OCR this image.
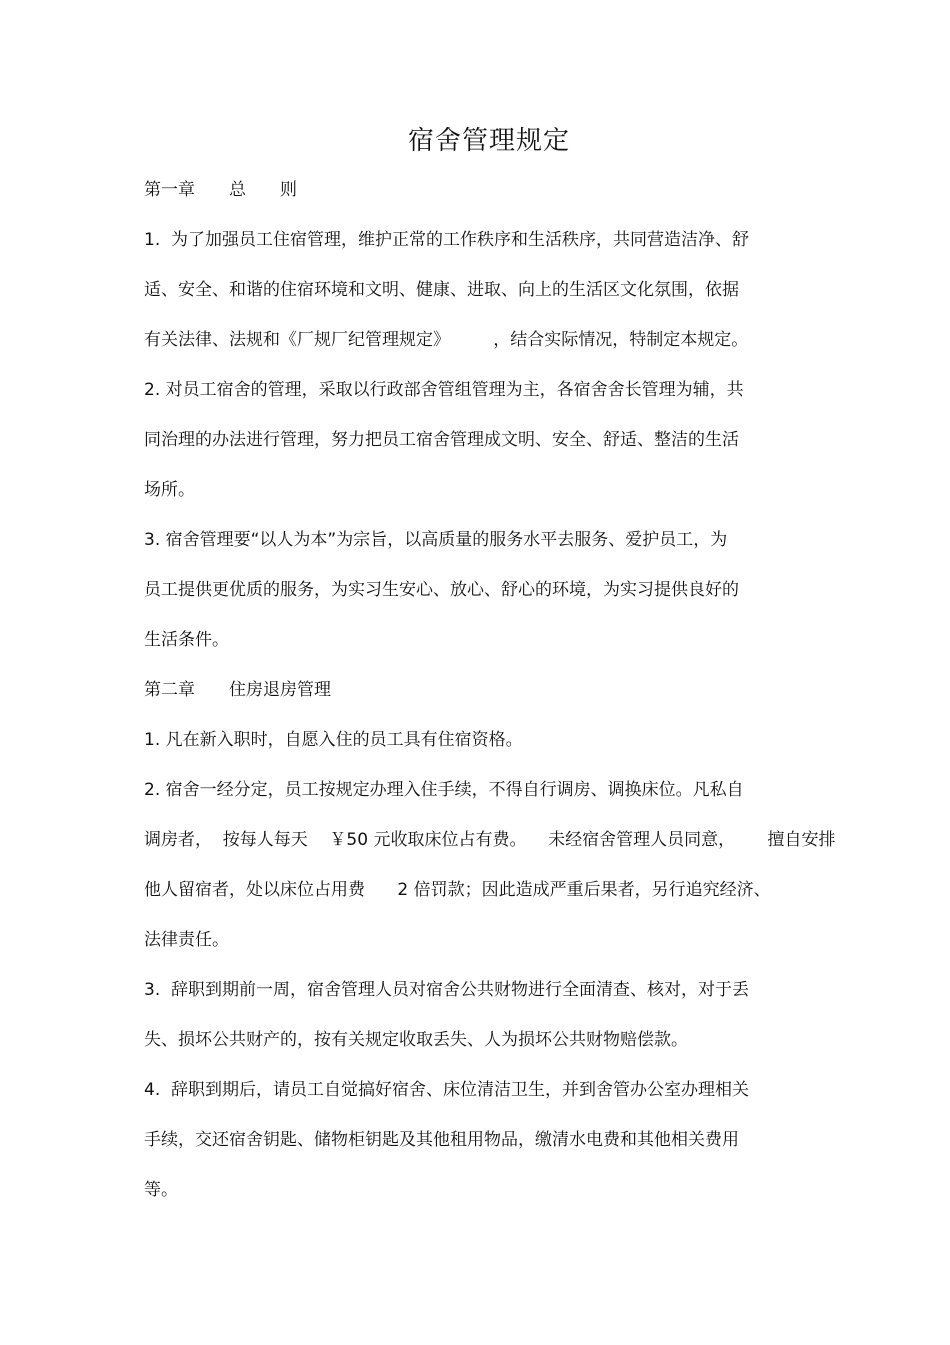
宿舍管理规定
第一章　　总　　则
1.  为了加强员工住宿管理，维护正常的工作秩序和生活秩序，共同营造洁净、舒
适、安全、和谐的住宿环境和文明、健康、进取、向上的生活区文化氛围，依据
有关法律、法规和《厂规厂纪管理规定》        ，结合实际情况，特制定本规定。
2. 对员工宿舍的管理，采取以行政部舍管组管理为主，各宿舍舍长管理为辅，共
同治理的办法进行管理，努力把员工宿舍管理成文明、安全、舒适、整洁的生活
场所。
3. 宿舍管理要“以人为本”为宗旨，以高质量的服务水平去服务、爱护员工，为
员工提供更优质的服务，为实习生安心、放心、舒心的环境，为实习提供良好的
生活条件。
第二章　　住房退房管理
1. 凡在新入职时，自愿入住的员工具有住宿资格。
2. 宿舍一经分定，员工按规定办理入住手续，不得自行调房、调换床位。凡私自
调房者，  按每人每天    ￥50 元收取床位占有费。    未经宿舍管理人员同意，      擅自安排
他人留宿者，处以床位占用费      2 倍罚款；因此造成严重后果者，另行追究经济、
法律责任。
3.  辞职到期前一周，宿舍管理人员对宿舍公共财物进行全面清查、核对，对于丢
失、损坏公共财产的，按有关规定收取丢失、人为损坏公共财物赔偿款。
4.  辞职到期后，请员工自觉搞好宿舍、床位清洁卫生，并到舍管办公室办理相关
手续，交还宿舍钥匙、储物柜钥匙及其他租用物品，缴清水电费和其他相关费用
等。
